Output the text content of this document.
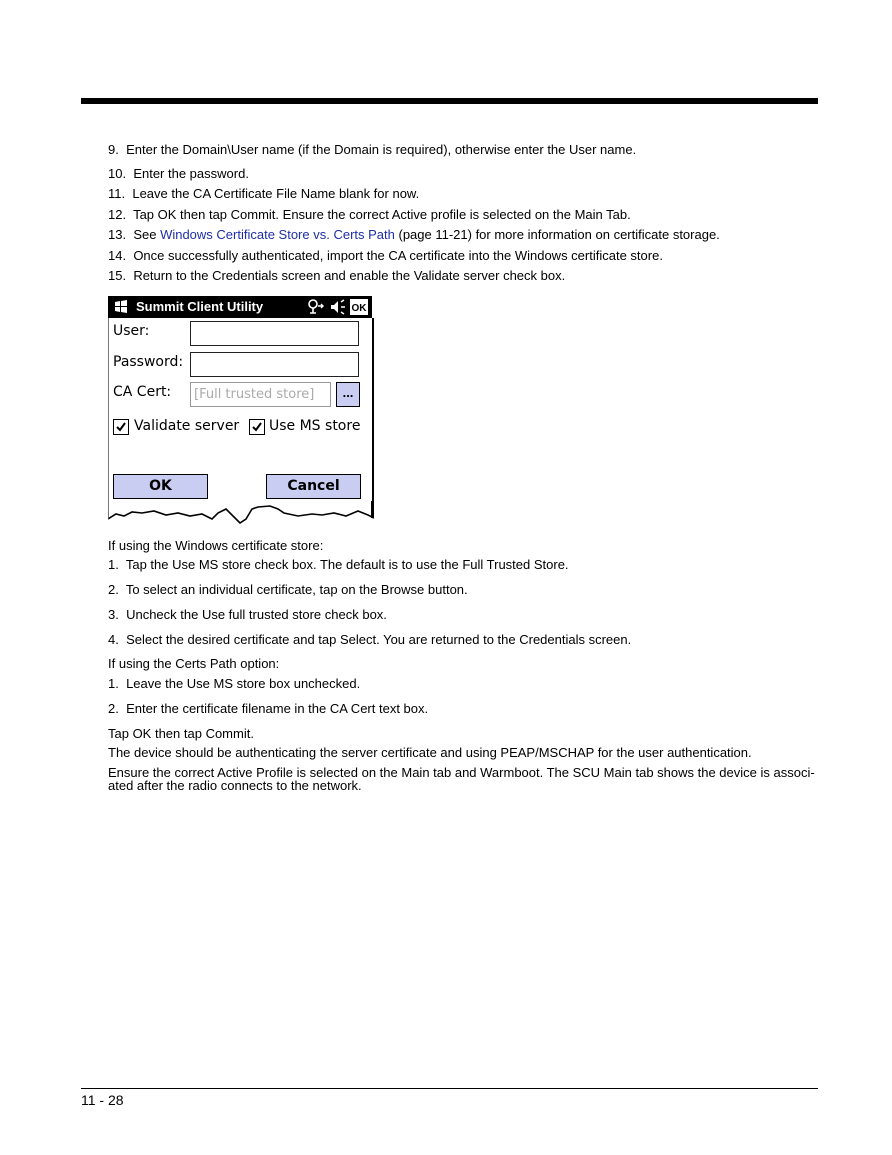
9. Enter the Domain\User name (if the Domain is required), otherwise enter the User name.
10. Enter the password.
11. Leave the CA Certificate File Name blank for now.
12. Tap OK then tap Commit. Ensure the correct Active profile is selected on the Main Tab.
13. See Windows Certificate Store vs. Certs Path (page 11-21) for more information on certificate storage.
14. Once successfully authenticated, import the CA certificate into the Windows certificate store.
15. Return to the Credentials screen and enable the Validate server check box.
Summit Client Utility	OK
User:
Password:
CA Cert:	[Full trusted store]	...
Validate server Use MS store
OK	Cancel
If using the Windows certificate store:
1. Tap the Use MS store check box. The default is to use the Full Trusted Store.
2. To select an individual certificate, tap on the Browse button.
3. Uncheck the Use full trusted store check box.
4. Select the desired certificate and tap Select. You are returned to the Credentials screen.
If using the Certs Path option:
1. Leave the Use MS store box unchecked.
2. Enter the certificate filename in the CA Cert text box.
Tap OK then tap Commit.
The device should be authenticating the server certificate and using PEAP/MSCHAP for the user authentication.
Ensure the correct Active Profile is selected on the Main tab and Warmboot. The SCU Main tab shows the device is associ-
ated after the radio connects to the network.
11 - 28
